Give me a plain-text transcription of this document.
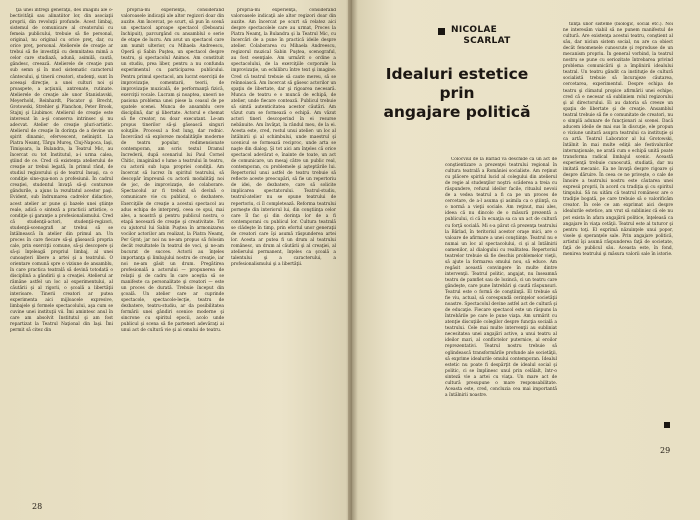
ţia unei întregi generaţii, des imagini ale o-bectivităţii sau alinatiitor lor, din asociaţii proprii, din revoluţii profunde. Acest limbaj, sistemul de comunicare al creatorului cu femeia publicului, trebuie să fie personal, original, nu original cu orice preţ, dar, cu orice preţ, personal. Atelierele de creaţie ar trebui să fie investiţii cu demnitatea mimă a celor care studiază, adună, asimilă, caută, gândesc, creează. Atelierele de creaţie pun sub semn şi în mod sistematic caracterul cântecului, şi tinerii creatori, studenţi, sunt în aceeaşi direcţie, a unei culturi noi şi proaspete, a acţiunii, antrenate, rutinate. Atelierele de creaţie ale unor Stanislavski, Meyerhold, Reinhardt, Piscator şi Brecht, Grotowski, Strehler şi Planchon, Peter Brook, Stajnj şi Liubimov. Atelierul de creaţie este interesat în a-şi conserva intrinsec şi nu adecvat. Atelier de creaţie pluri-artistic. Atelierul de creaţie în dorinţa de a devine un spirit dinamic, efervescent, neliniştit. La Piatra Neamţ, Târgu Mureş, Cluj-Napoca, Iaşi, Timişoara, la Bulandra, la Teatrul Mic, au încercat cu tot Institutul, a-i urma calea, ştiind de ce. Cred că existenţa atelierului de creaţie ar trebui legată, în primul rând, de studiul regizorului şi de teatrul însuşi, ca o condiţie sine-qua-non a profesiunii. În cadrul creaţiei, studentul învaţă să-şi contureze gândurile, a ajuns la rezultatul acestor paşi. Evident, sub îndrumarea cadrelor didactice, acest atelier ar pune şi bazele unei ştiinţe reale, adică o sinteză a practicii artistice, o condiţie şi garanţie a profesionalismului. Cred că studenţii-actori, studenţii-regizori, studenţii-scenografi ar trebui să se întâlnească în atelier din primul an. Un proces în care fiecare să-şi găsească propria cale, prin exerciţii comune, să-şi descopere şi să-şi înţeleagă propriul limbaj, al unei cunoaşteri libere a artei şi a teatrului. O orientare comună spre o viziune de ansamblu, în care practica teatrală să devină totodată o disciplină a gândirii şi a creaţiei. Atelierul ar rămâne astfel un loc al experimentului, al căutării şi al rigorii, o şcoală a libertăţii interioare. Tinerii creatori ar putea experimenta aici mijloacele expresive, limbajele şi formele spectacolului, aşa cum se cuvine unei instituţii vii. Îmi amintesc anul în care am absolvit Institutul şi am fost repartizat la Teatrul Naţional din Iaşi. Îmi permit să citez din

propria-mi experienţă, considerând valoroasele indicaţii ale altor regizori doar din auzite. Am încercat, pe scurt, să pun în scenă un spectacol aproape spectacol (Deboarai închipuit), parcurgând cu ansamblul o serie de etape de lucru. Am avut un spectacol care am numit ulterior, cu Mihaela Andreescu, Operă şi Sabin Puştea, un spectacol despre teatru, şi spectacolul Animos. Am constituit un studiu, prea liber, pentru a nu confunda experimentul cu participarea publicului. Pentru primul spectacol, am lucrat exerciţii de improvizaţie, comentarii, teorii, de improvizaţie muzicală, de performanţă fizică, exerciţii vocale. Lucram şi noaptea, uneori ne pasiona problema unei piese la ceasul de pe spatele scenei. Munca de ansamblu cere disciplină, dar şi libertate. Actorul e chemat să fie creator, nu doar executant. Le-am propus tinerilor să-şi găsească singuri soluţiile. Procesul a fost lung, dar rodnic. Încercând să exploreze modalităţile moderne de teatru popular, redimensionate contemporan, am scris textul Dramul încrederii, după scenariul lui Paul Cornel Chitic, imaginând o lume a teatrului în teatru, cu actorii sub lupa propriei condiţii. Am încercat să lucrez în spiritul teatrului, să descopăr împreună cu actorii modalităţi noi de joc, de improvizaţie, de colaborare. Spectacolul ar fi trebuit să devină o comunicare vie cu publicul, o dezbatere. Exerciţiile de creaţie a acestui spectacol au adus echipa de interpreţi, ceea ce spui, mai ales, a noastră şi pentru publicul nostru, o etapă necesară de creaţie şi creativitate. Tot cu ajutorul lui Sabin Puştea în armonizarea vocilor actorilor am realizat, la Piatra Neamţ, Per Gynt; jar noi nu ne-am propus să folosim decât rezultatele în teatrul de voci, şi ne-am bucurat de succes. Actorii au înţeles importanţa şi limbajului nostru de creaţie, iar noi ne-am găsit un drum. Pregătirea profesională a actorului — propunerea de relaţii şi de cadru în care aceştia să se manifeste ca personalitate şi creatori — este un proces de durată. Trebuie început din şcoală. Un atelier care ar cuprinde spectacole, spectacole-lecţie, teatru de dezbatere, teatru-studiu, ar da posibilitatea formării unei gândiri scenice moderne şi sincrone cu spiritul epocii, acolo unde publicul şi scena să fie parteneri adevăraţi ai unui act de cultură vie şi ai omului de teatru.

propria-mi experienţă, considerând valoroasele indicaţii ale altor regizori doar din auzite. Am încercat pe scurt să relatez aici despre spectacolele care au urmat, Proces la Piatra Neamţ, la Bulandra şi la Teatrul Mic, cu încercări de a pune în practică ideile despre atelier. Colaborarea cu Mihaela Andreescu, regizorul muzical Sabin Puştea, scenograful, au fost esenţiale. Am urmărit o ordine a spectacolului, de la exerciţiile corporale la improvizaţie, un echilibru între text şi imagine. Cred că teatrul trebuie să caute mereu, să se reînnoiască. Am încercat să găsesc actorilor un spaţiu de libertate, dar şi rigoarea necesară. Munca de teatru e o muncă de echipă, de atelier, unde fiecare contează. Publicul trebuie să simtă autenticitatea acestor căutări. Am văzut cum se formează o echipă. Am văzut actori tineri descoperind în ei resurse nebănuite. Am învăţat, la rândul meu, de la ei. Acesta este, cred, rostul unui atelier: un loc al întâlnirii şi al schimbului, unde maestrul şi ucenicul se formează reciproc, unde arta se naşte din dialog. Şi tot aici am înţeles că orice spectacol adevărat e, înainte de toate, un act de comunicare, un mesaj către un public real, contemporan, cu problemele şi aşteptările lui. Repertoriul unui astfel de teatru trebuie să reflecte aceste preocupări, să fie un repertoriu de idei, de dezbatere, care să solicite implicarea spectatorului. Teatrul-studiu, teatrul-atelier nu se opune teatrului de repertoriu, ci îl completează. Reforma teatrului porneşte din interiorul lui, din conştiinţa celor care îl fac şi din dorinţa lor de a fi contemporani cu publicul lor. Cultura teatrală se clădeşte în timp, prin efortul unor generaţii de creatori care îşi asumă răspunderea artei lor. Acesta ar putea fi un drum al teatrului românesc, un drum al căutării şi al creaţiei, al atelierului permanent, înţeles ca şcoală a talentului şi a caracterului, a profesionalismului şi a libertăţii.

28
NICOLAE
SCARLAT
Idealuri estetice
prin
angajare politică

Colocviul de la Bârlad va deschide ca un act de conştientizare a prezenţei teatrului regional în cultura teatrală a României socialiste. Am reţinut cu plăcere spiritul lucid al colegului din atelierul de regie al studenţilor noştri: scăderea a treia cu răspundere, refuzul ideilor facile, ritualul nevoii de a vedea teatrul a fi ca pe un proces de cercetare, de a-l asuma şi asimila ca o ştiinţă, ca o normă a vieţii sociale. Am reţinut, mai ales, ideea că nu dincolo de o măsură prezentă a publicului, ci că în ecuaţia sa ca un act de cultură cu forţă socială. Mi s-a părut că prezenţa teatrului la Bârlad, în teritoriul acestor oraşe mici, are o valoare de afirmare a unei conştiinţe. Teatrul nu e numai un loc al spectacolului, ci şi al întâlnirii oamenilor, al dialogului cu realitatea. Repertoriul teatrelor trebuie să fie deschis problemelor vieţii, să ajute la formarea omului nou, să educe. Am regăsit această convingere în multe dintre intervenţii. Teatrul politic, angajat, nu înseamnă teatru de pamflet sau de lozincă, ci un teatru care gândeşte, care pune întrebări şi caută răspunsuri. Teatrul este o formă de conştiinţă. El trebuie să fie viu, actual, să corespundă cerinţelor societăţii noastre. Spectacolul devine astfel act de cultură şi de educaţie. Fiecare spectacol este un răspuns la întrebările pe care le pune viaţa. Am urmărit cu atenţie discuţiile colegilor despre funcţia socială a teatrului. Cele mai multe intervenţii au subliniat necesitatea unei angajări active, a unui teatru al ideilor mari, al conflictelor puternice, al eroilor reprezentativi. Teatrul nostru trebuie să oglindească transformările profunde ale societăţii, să exprime idealurile omului contemporan. Idealul estetic nu poate fi despărţit de idealul social şi politic, ci se împlinesc unul prin celălalt, într-o sinteză vie a artei cu viaţa. Un mare act de cultură presupune o mare responsabilitate. Aceasta este, cred, concluzia cea mai importantă a întâlnirii noastre.

tiinţa unor sisteme (biologic, social etc.). Noi ne interesăm viabil să ne punem manifestul de cultură. Are existenţa acestui teatru, conştient al său, dar niciun sistem social, nu are ca obiect decât fenomenele cunoscute şi reproduse de un mecanism propriu. În general vorbind, la teatrul nostru se pune cu seriozitate întrebarea privind problema comunicării şi a împlinirii idealului teatral. Un teatru gândit ca instituţie de cultură socialistă trebuie să încurajeze căutarea, cercetarea, experimentul. Despre echipa de teatru şi climatul propice afirmării unei echipe, cred că e necesar să subliniem rolul regizorului şi al directorului. Ei au datoria să creeze un spaţiu de libertate şi de creaţie. Ansamblul teatral trebuie să fie o comunitate de creatori, nu o simplă adunare de funcţionari ai scenei. Dacă aducem ideile de mai sus în discuţie, ele propun o viziune unitară asupra teatrului ca instituţie şi ca artă. Teatrul Laborator al lui Grotowski, întâlnit în mai multe ediţii ale festivalurilor internaţionale, ne arată cum o echipă unită poate transforma radical limbajul scenic. Această experienţă trebuie cunoscută, studiată, dar nu imitată mecanic. Ea ne învaţă despre rigoare şi despre dăruire. În ceea ce ne priveşte, o cale de înnoire a teatrului nostru este căutarea unei expresii proprii, în acord cu tradiţia şi cu spiritul timpului. Să nu uităm că teatrul românesc are o tradiţie bogată, pe care trebuie să o valorificăm creator. În cele ce am exprimat aici despre idealurile estetice, am vrut să subliniez că ele nu pot exista în afara angajării politice, înţeleasă ca angajare în viaţa cetăţii. Teatrul este al tuturor şi pentru toţi. El exprimă năzuinţele unui popor, visele şi speranţele sale. Prin angajare politică, artistul îşi asumă răspunderea faţă de societate, faţă de publicul său. Aceasta este, în fond, menirea teatrului şi măsura valorii sale în istorie.

29
